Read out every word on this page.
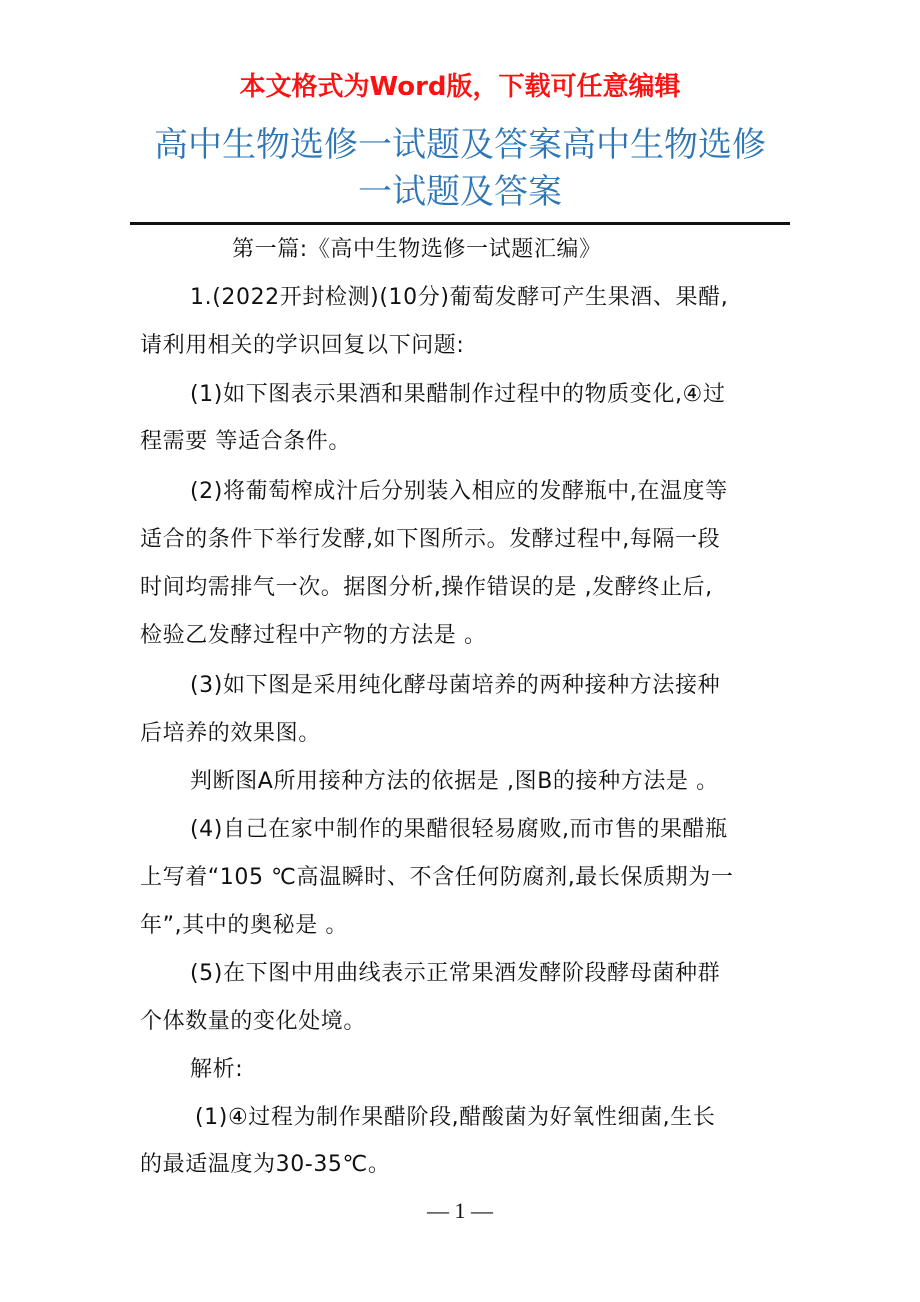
本文格式为Word版，下载可任意编辑
高中生物选修一试题及答案高中生物选修
一试题及答案
第一篇:《高中生物选修一试题汇编》
1.(2022开封检测)(10分)葡萄发酵可产生果酒、果醋,
请利用相关的学识回复以下问题:
(1)如下图表示果酒和果醋制作过程中的物质变化,④过
程需要 等适合条件。
(2)将葡萄榨成汁后分别装入相应的发酵瓶中,在温度等
适合的条件下举行发酵,如下图所示。发酵过程中,每隔一段
时间均需排气一次。据图分析,操作错误的是 ,发酵终止后,
检验乙发酵过程中产物的方法是 。
(3)如下图是采用纯化酵母菌培养的两种接种方法接种
后培养的效果图。
判断图A所用接种方法的依据是 ,图B的接种方法是 。
(4)自己在家中制作的果醋很轻易腐败,而市售的果醋瓶
上写着“105 ℃高温瞬时、不含任何防腐剂,最长保质期为一
年”,其中的奥秘是 。
(5)在下图中用曲线表示正常果酒发酵阶段酵母菌种群
个体数量的变化处境。
解析:
(1)④过程为制作果醋阶段,醋酸菌为好氧性细菌,生长
的最适温度为30-35℃。
— 1 —
